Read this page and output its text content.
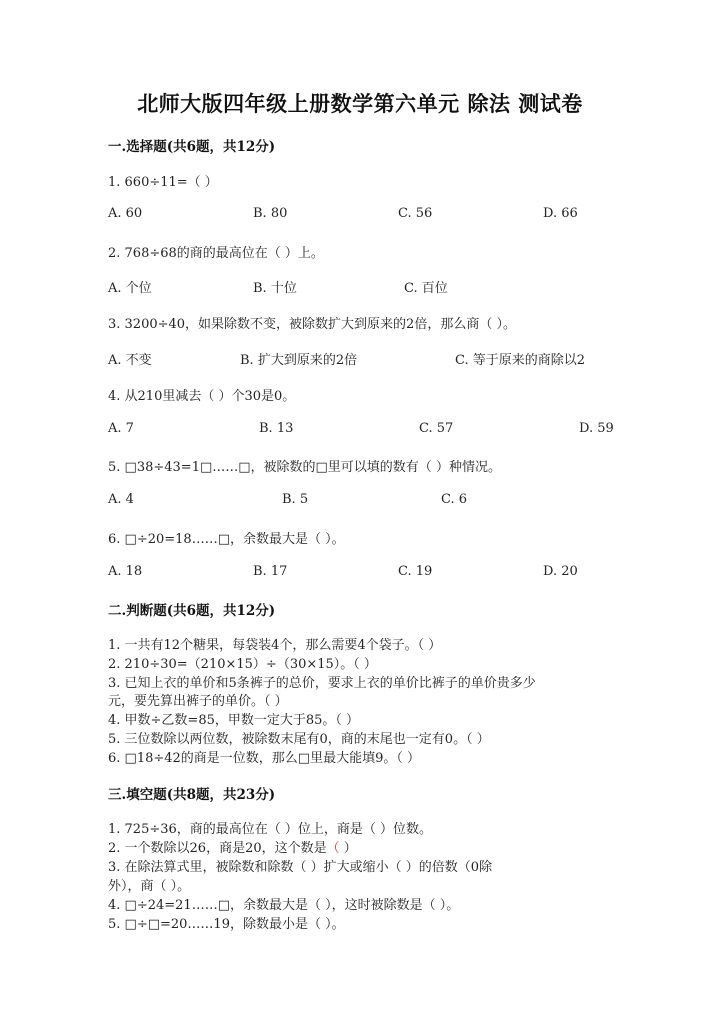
北师大版四年级上册数学第六单元 除法 测试卷
一.选择题(共6题，共12分)
1. 660÷11=（ ）
A. 60	B. 80	C. 56	D. 66
2. 768÷68的商的最高位在（ ）上。
A. 个位	B. 十位	C. 百位
3. 3200÷40，如果除数不变，被除数扩大到原来的2倍，那么商（ ）。
A. 不变	B. 扩大到原来的2倍	C. 等于原来的商除以2
4. 从210里减去（ ）个30是0。
A. 7	B. 13	C. 57	D. 59
5. □38÷43=1□……□，被除数的□里可以填的数有（ ）种情况。
A. 4	B. 5	C. 6
6. □÷20=18……□，余数最大是（ ）。
A. 18	B. 17	C. 19	D. 20
二.判断题(共6题，共12分)
1. 一共有12个糖果，每袋装4个，那么需要4个袋子。（ ）
2. 210÷30=（210×15）÷（30×15）。（ ）
3. 已知上衣的单价和5条裤子的总价，要求上衣的单价比裤子的单价贵多少
元，要先算出裤子的单价。（ ）
4. 甲数÷乙数=85，甲数一定大于85。（ ）
5. 三位数除以两位数，被除数末尾有0，商的末尾也一定有0。（ ）
6. □18÷42的商是一位数，那么□里最大能填9。（ ）
三.填空题(共8题，共23分)
1. 725÷36，商的最高位在（ ）位上，商是（ ）位数。
2. 一个数除以26，商是20，这个数是（ ）
3. 在除法算式里，被除数和除数（ ）扩大或缩小（ ）的倍数（0除
外），商（ ）。
4. □÷24=21……□，余数最大是（ ），这时被除数是（ ）。
5. □÷□=20……19，除数最小是（ ）。
